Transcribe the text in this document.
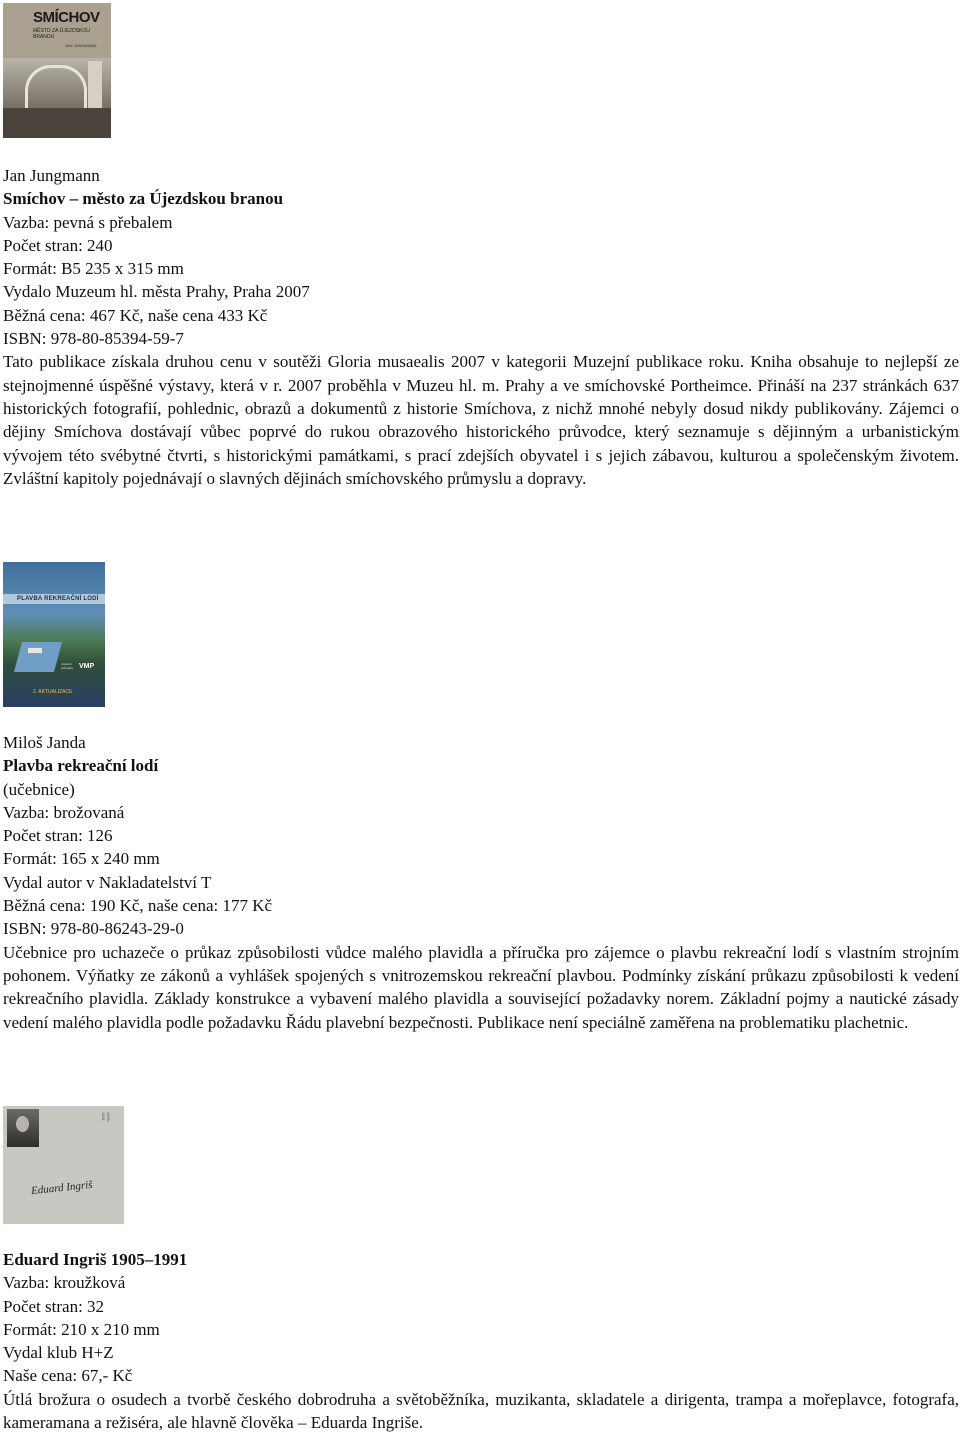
SMÍCHOV
MĚSTO ZA ÚJEZDSKOU BRANOU
JAN JUNGMANN
Jan Jungmann
Smíchov – město za Újezdskou branou
Vazba: pevná s přebalem
Počet stran: 240
Formát: B5 235 x 315 mm
Vydalo Muzeum hl. města Prahy, Praha 2007
Běžná cena: 467 Kč, naše cena 433 Kč
ISBN: 978-80-85394-59-7
Tato publikace získala druhou cenu v soutěži Gloria musaealis 2007 v kategorii Muzejní publikace roku. Kniha obsahuje to nejlepší ze stejnojmenné úspěšné výstavy, která v r. 2007 proběhla v Muzeu hl. m. Prahy a ve smíchovské Portheimce. Přináší na 237 stránkách 637 historických fotografií, pohlednic, obrazů a dokumentů z historie Smíchova, z nichž mnohé nebyly dosud nikdy publikovány. Zájemci o dějiny Smíchova dostávají vůbec poprvé do rukou obrazového historického průvodce, který seznamuje s dějinným a urbanistickým vývojem této svébytné čtvrti, s historickými památkami, s prací zdejších obyvatel i s jejich zábavou, kulturou a společenským životem. Zvláštní kapitoly pojednávají o slavných dějinách smíchovského průmyslu a dopravy.
PLAVBA REKREAČNÍ LODÍ
výukový průvodce VMP
2. AKTUALIZACE
Miloš Janda
Plavba rekreační lodí
(učebnice)
Vazba: brožovaná
Počet stran: 126
Formát: 165 x 240 mm
Vydal autor v Nakladatelství T
Běžná cena: 190 Kč, naše cena: 177 Kč
ISBN: 978-80-86243-29-0
Učebnice pro uchazeče o průkaz způsobilosti vůdce malého plavidla a příručka pro zájemce o plavbu rekreační lodí s vlastním strojním pohonem. Výňatky ze zákonů a vyhlášek spojených s vnitrozemskou rekreační plavbou. Podmínky získání průkazu způsobilosti k vedení rekreačního plavidla. Základy konstrukce a vybavení malého plavidla a související požadavky norem. Základní pojmy a nautické zásady vedení malého plavidla podle požadavku Řádu plavební bezpečnosti. Publikace není speciálně zaměřena na problematiku plachetnic.
1905–1991
Eduard Ingriš
Eduard Ingriš 1905–1991
Vazba: kroužková
Počet stran: 32
Formát: 210 x 210 mm
Vydal klub H+Z
Naše cena: 67,- Kč
Útlá brožura o osudech a tvorbě českého dobrodruha a světoběžníka, muzikanta, skladatele a dirigenta, trampa a mořeplavce, fotografa, kameramana a režiséra, ale hlavně člověka – Eduarda Ingriše.
